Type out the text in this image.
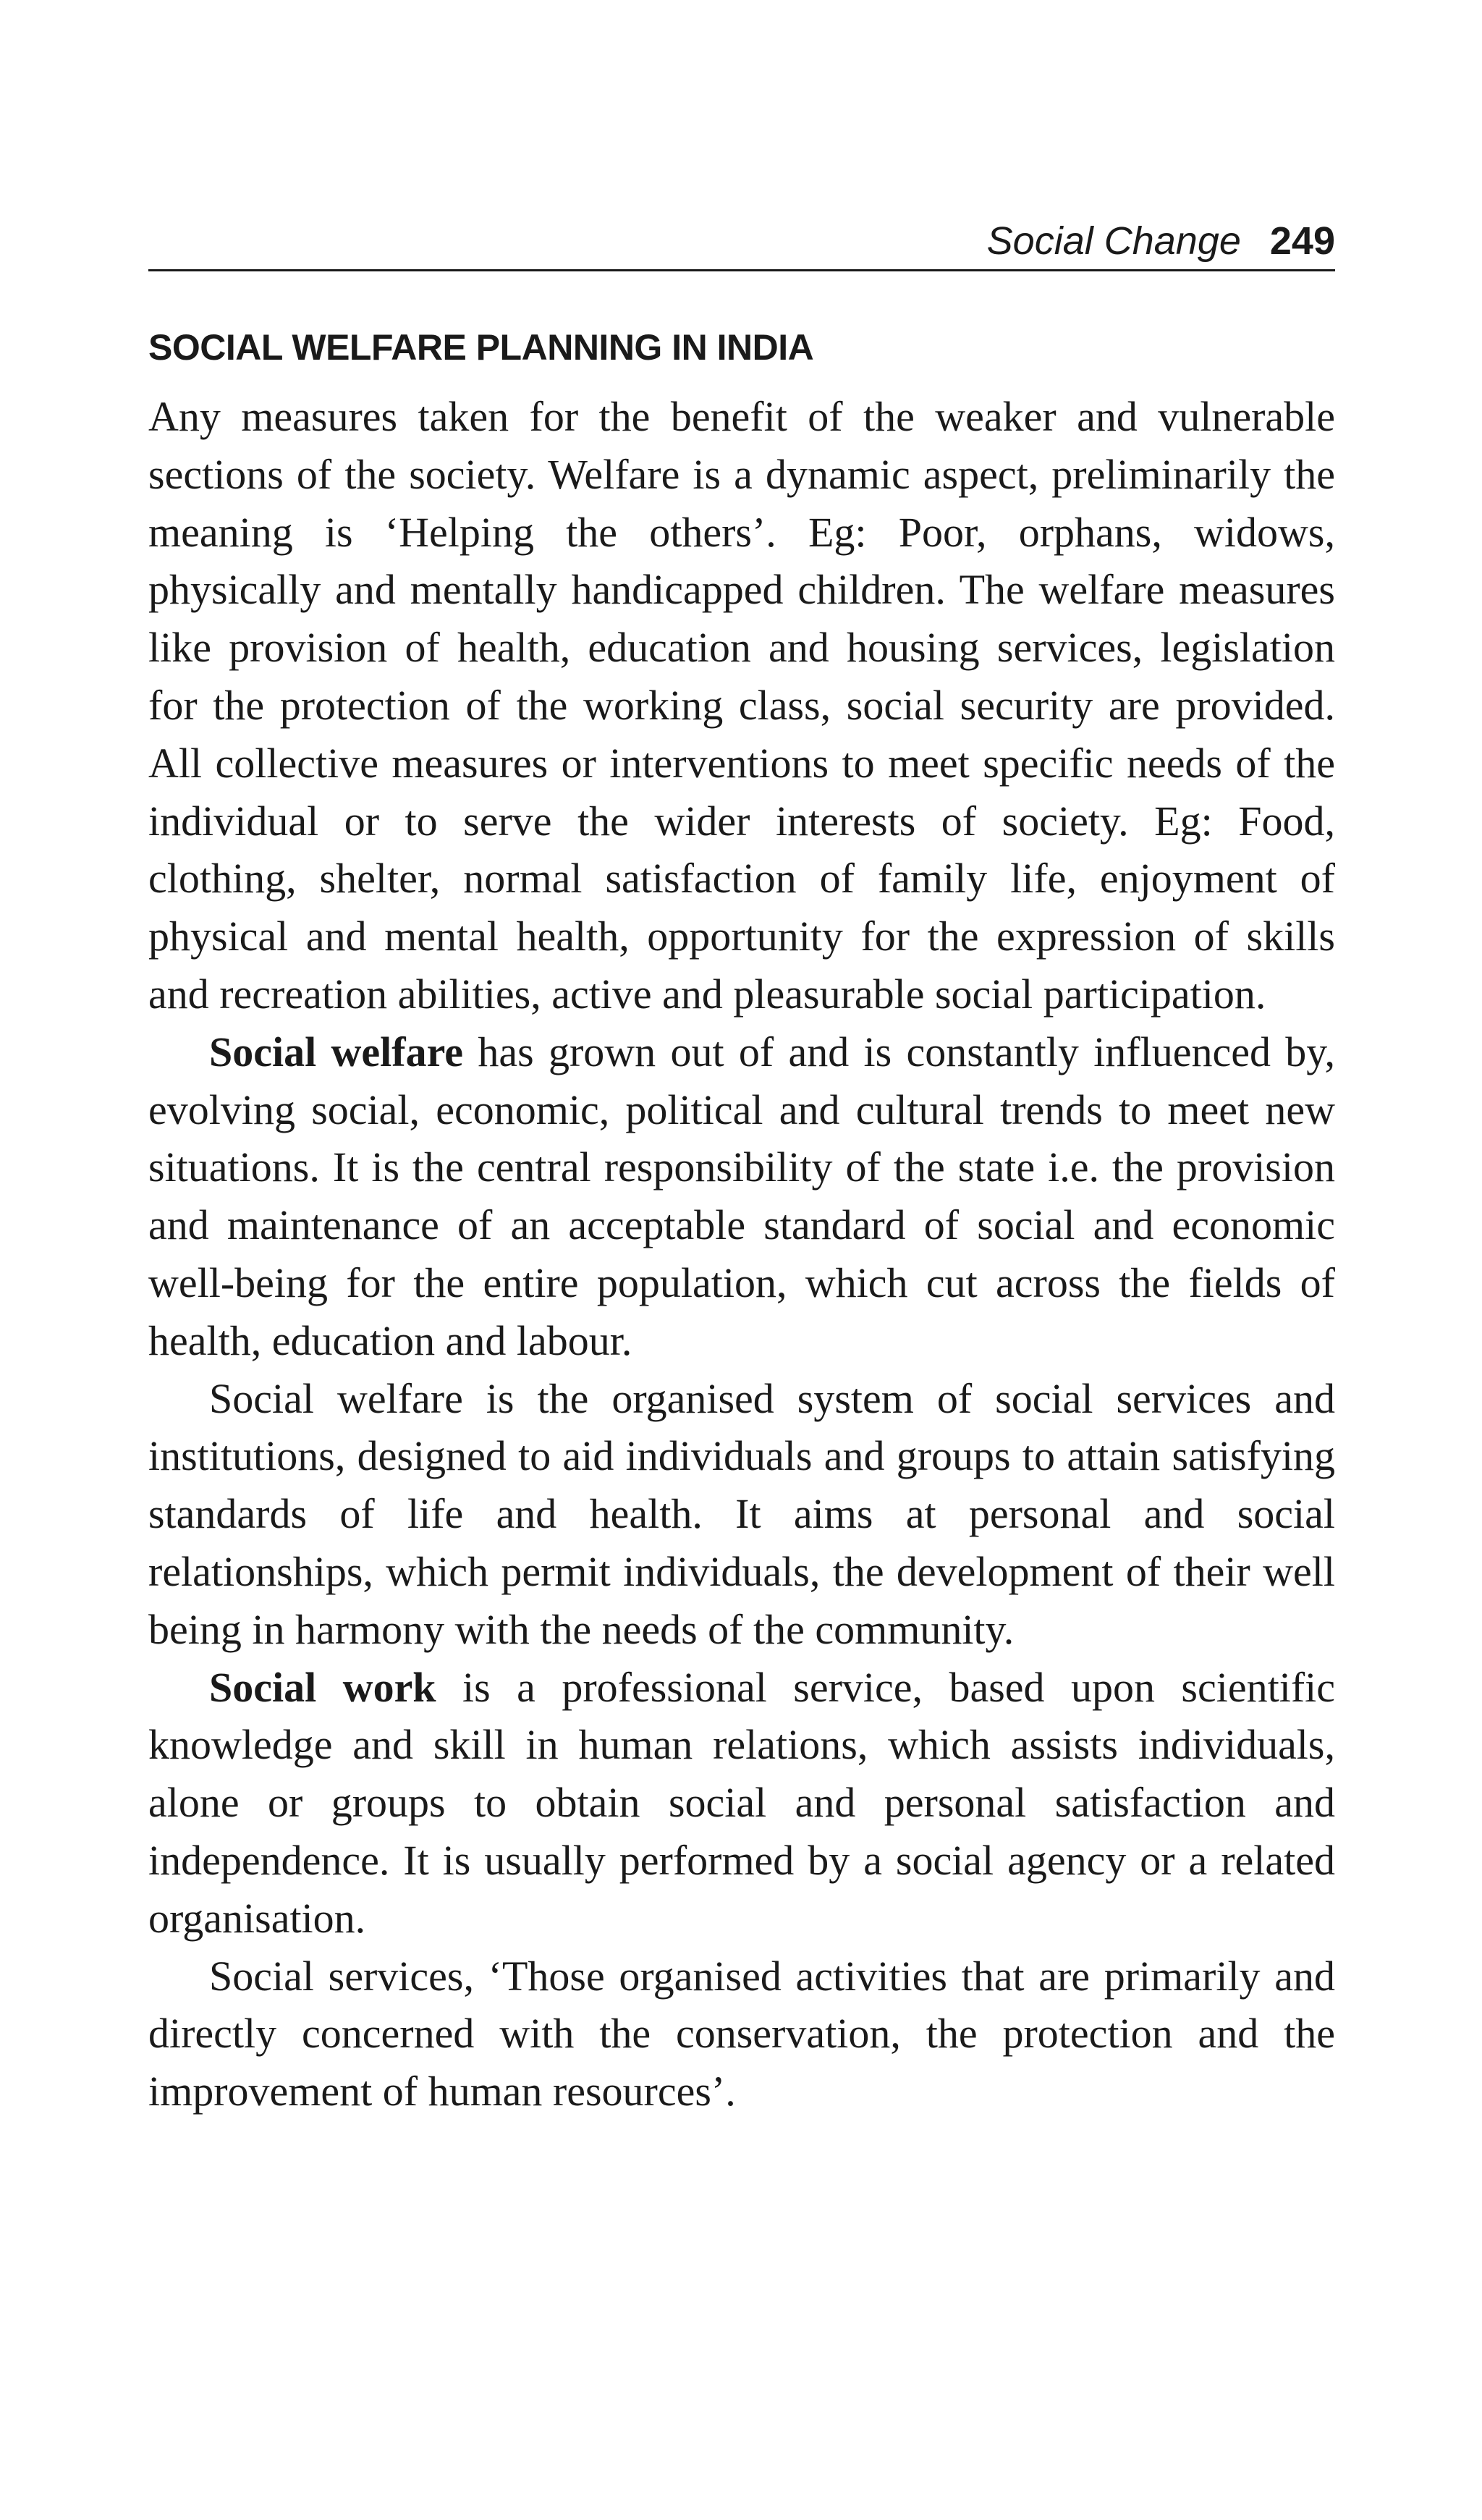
Social Change 249
SOCIAL WELFARE PLANNING IN INDIA

Any measures taken for the benefit of the weaker and vulnerable sections of the society. Welfare is a dynamic aspect, preliminarily the meaning is ‘Helping the others’. Eg: Poor, orphans, widows, physically and mentally handicapped children. The welfare measures like provision of health, education and housing services, legislation for the protection of the working class, social security are provided. All collective measures or interventions to meet specific needs of the individual or to serve the wider interests of society. Eg: Food, clothing, shelter, normal satisfaction of family life, enjoyment of physical and mental health, opportunity for the expression of skills and recreation abilities, active and pleasurable social participation.

Social welfare has grown out of and is constantly influenced by, evolving social, economic, political and cultural trends to meet new situations. It is the central responsibility of the state i.e. the provision and maintenance of an acceptable standard of social and economic well-being for the entire population, which cut across the fields of health, education and labour.

Social welfare is the organised system of social services and institutions, designed to aid individuals and groups to attain satisfying standards of life and health. It aims at personal and social relationships, which permit individuals, the development of their well being in harmony with the needs of the community.

Social work is a professional service, based upon scientific knowledge and skill in human relations, which assists individuals, alone or groups to obtain social and personal satisfaction and independence. It is usually performed by a social agency or a related organisation.

Social services, ‘Those organised activities that are primarily and directly concerned with the conservation, the protection and the improvement of human resources’.
